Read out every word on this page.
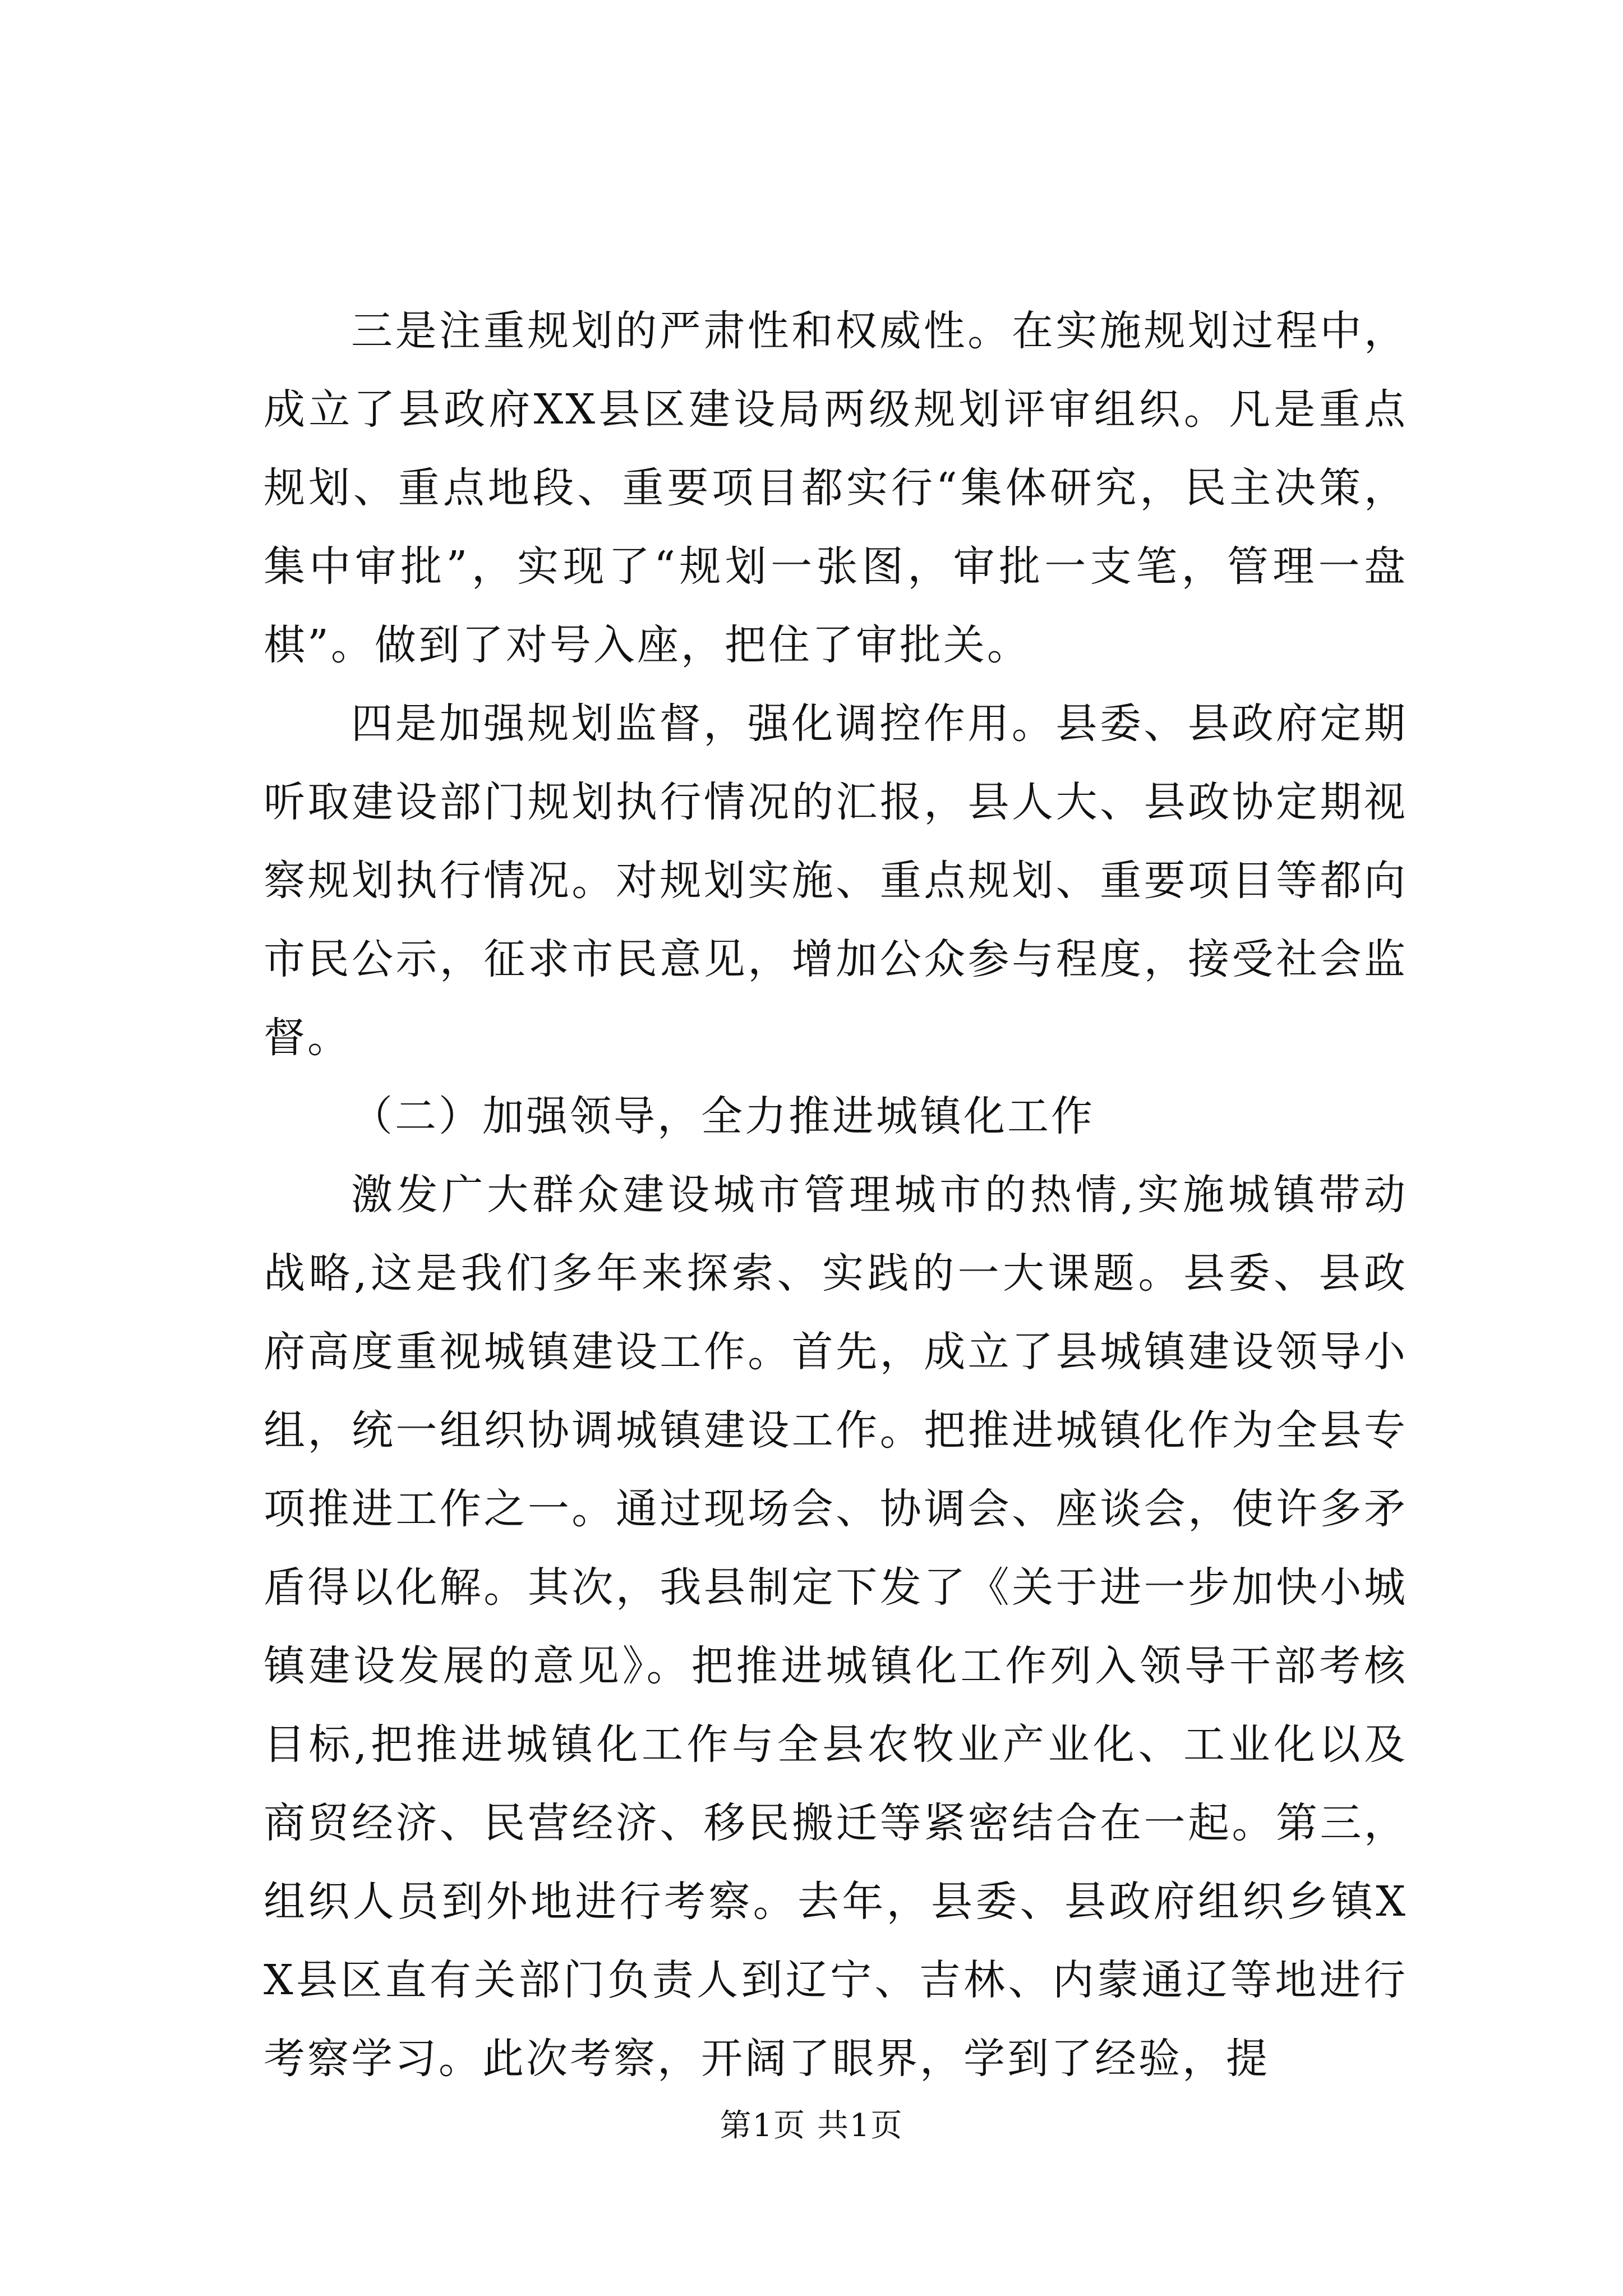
三是注重规划的严肃性和权威性。在实施规划过程中，成立了县政府XX县区建设局两级规划评审组织。凡是重点规划、重点地段、重要项目都实行“集体研究，民主决策，集中审批”，实现了“规划一张图，审批一支笔，管理一盘棋”。做到了对号入座，把住了审批关。

四是加强规划监督，强化调控作用。县委、县政府定期听取建设部门规划执行情况的汇报，县人大、县政协定期视察规划执行情况。对规划实施、重点规划、重要项目等都向市民公示，征求市民意见，增加公众参与程度，接受社会监督。

（二）加强领导，全力推进城镇化工作

激发广大群众建设城市管理城市的热情,实施城镇带动战略,这是我们多年来探索、实践的一大课题。县委、县政府高度重视城镇建设工作。首先，成立了县城镇建设领导小组，统一组织协调城镇建设工作。把推进城镇化作为全县专项推进工作之一。通过现场会、协调会、座谈会，使许多矛盾得以化解。其次，我县制定下发了《关于进一步加快小城镇建设发展的意见》。把推进城镇化工作列入领导干部考核目标,把推进城镇化工作与全县农牧业产业化、工业化以及商贸经济、民营经济、移民搬迁等紧密结合在一起。第三，组织人员到外地进行考察。去年，县委、县政府组织乡镇XX县区直有关部门负责人到辽宁、吉林、内蒙通辽等地进行考察学习。此次考察，开阔了眼界，学到了经验，提

第1页 共1页
